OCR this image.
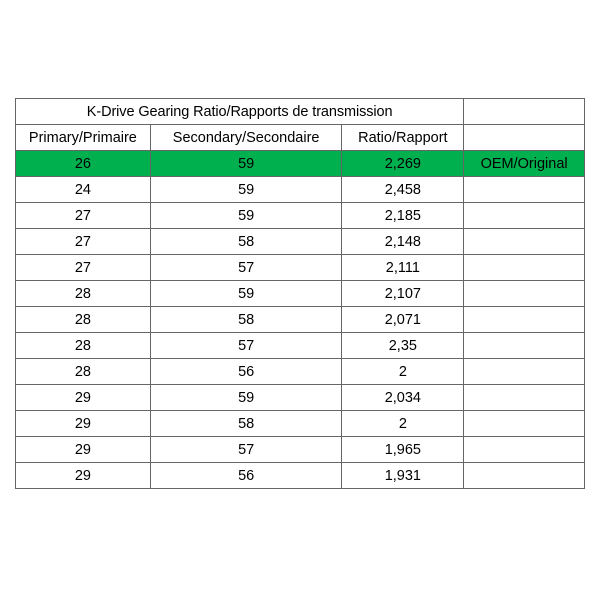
K-Drive Gearing Ratio/Rapports de transmission			
Primary/Primaire	Secondary/Secondaire	Ratio/Rapport	
26	59	2,269	OEM/Original
24	59	2,458	
27	59	2,185	
27	58	2,148	
27	57	2,111	
28	59	2,107	
28	58	2,071	
28	57	2,35	
28	56	2	
29	59	2,034	
29	58	2	
29	57	1,965	
29	56	1,931	
